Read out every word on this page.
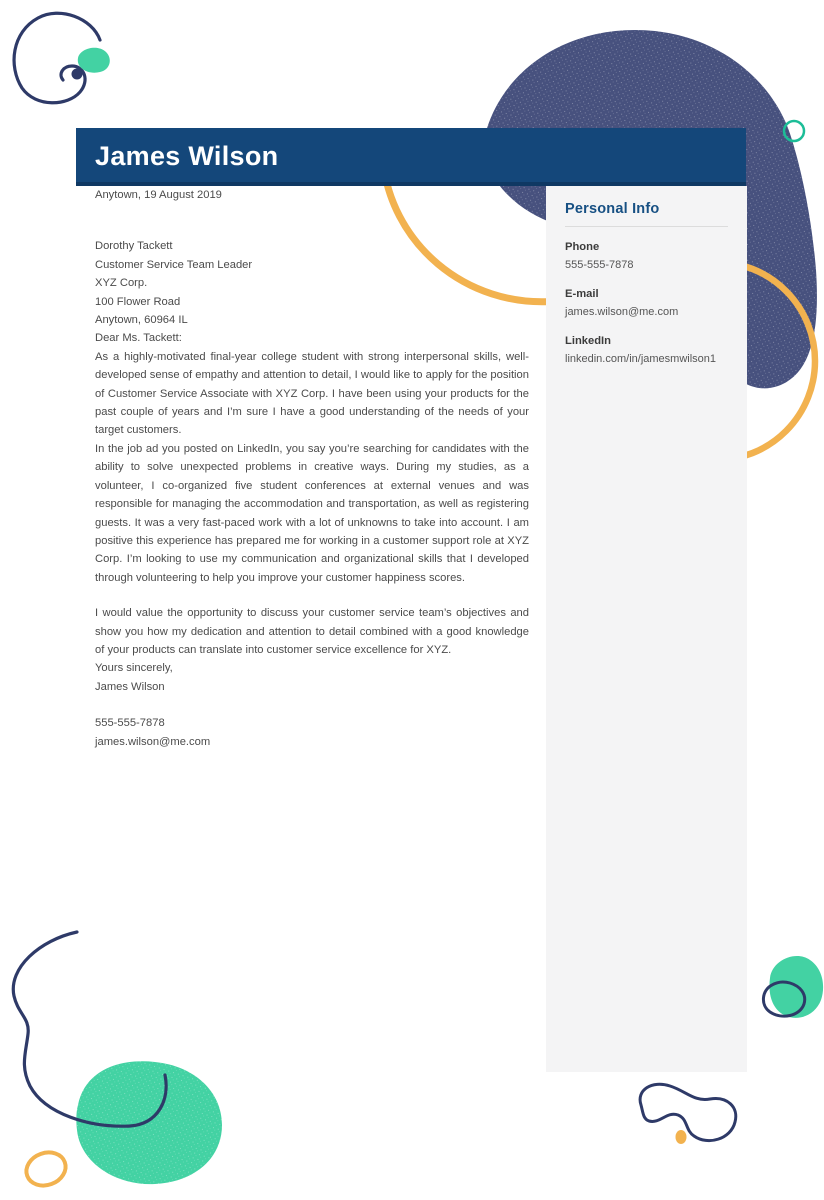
James Wilson

Anytown, 19 August 2019

Dorothy Tackett

Customer Service Team Leader

XYZ Corp.

100 Flower Road

Anytown, 60964 IL

Dear Ms. Tackett:

As a highly-motivated final-year college student with strong interpersonal skills, well-developed sense of empathy and attention to detail, I would like to apply for the position of Customer Service Associate with XYZ Corp. I have been using your products for the past couple of years and I’m sure I have a good understanding of the needs of your target customers.

In the job ad you posted on LinkedIn, you say you’re searching for candidates with the ability to solve unexpected problems in creative ways. During my studies, as a volunteer, I co-organized five student conferences at external venues and was responsible for managing the accommodation and transportation, as well as registering guests. It was a very fast-paced work with a lot of unknowns to take into account. I am positive this experience has prepared me for working in a customer support role at XYZ Corp. I’m looking to use my communication and organizational skills that I developed through volunteering to help you improve your customer happiness scores.

I would value the opportunity to discuss your customer service team’s objectives and show you how my dedication and attention to detail combined with a good knowledge of your products can translate into customer service excellence for XYZ.

Yours sincerely,

James Wilson

555-555-7878

james.wilson@me.com

Personal Info
Phone
555-555-7878
E-mail
james.wilson@me.com
LinkedIn
linkedin.com/in/jamesmwilson1
